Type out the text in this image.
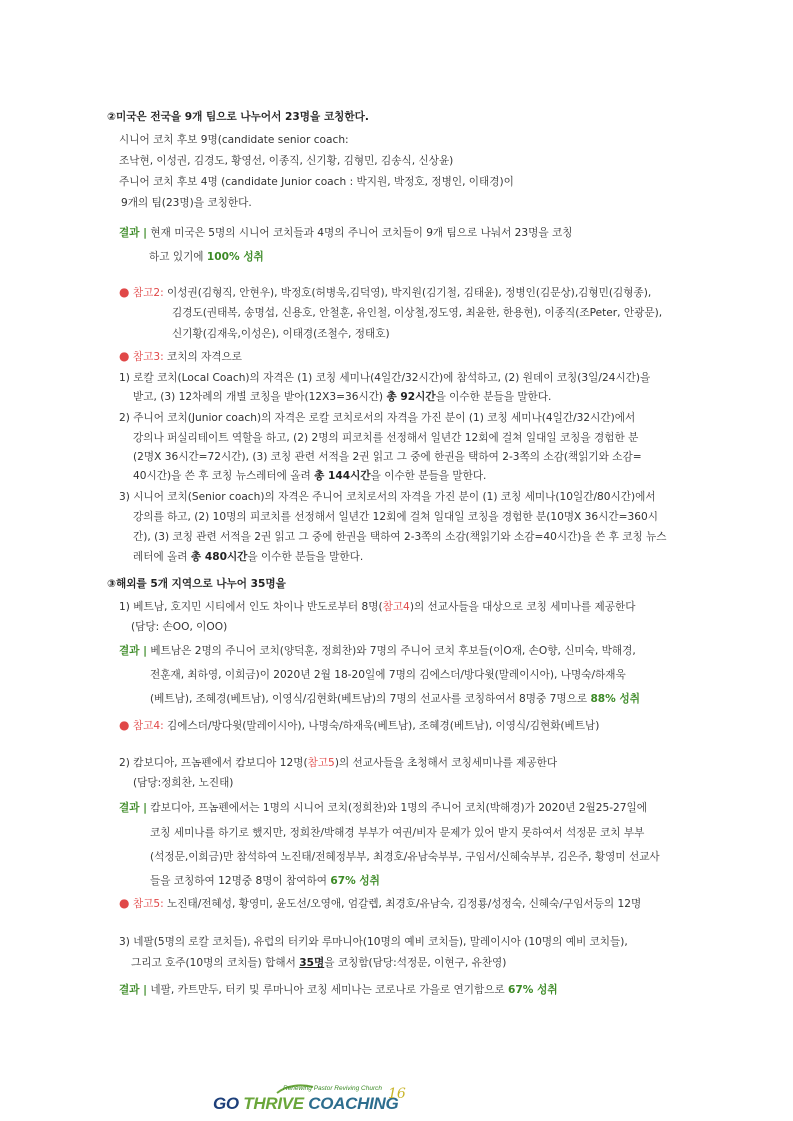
②미국은 전국을 9개 팀으로 나누어서 23명을 코칭한다.
시니어 코치 후보 9명(candidate senior coach:
조낙현, 이성권, 김경도, 황영선, 이종직, 신기황, 김형민, 김송식, 신상윤)
주니어 코치 후보 4명 (candidate Junior coach : 박지원, 박정호, 정병인, 이태경)이
9개의 팀(23명)을 코칭한다.
결과 | 현재 미국은 5명의 시니어 코치들과 4명의 주니어 코치들이 9개 팀으로 나눠서 23명을 코칭
하고 있기에 100% 성취
● 참고2: 이성권(김형직, 안현우), 박정호(허병욱,김덕영), 박지원(김기철, 김태윤), 정병인(김문상),김형민(김형종),
김경도(권태복, 송명섭, 신용호, 안철훈, 유인철, 이상철,정도영, 최윤한, 한용현), 이종직(조Peter, 안광문),
신기황(김재욱,이성은), 이태경(조철수, 정태호)
● 참고3: 코치의 자격으로
1) 로칼 코치(Local Coach)의 자격은 (1) 코칭 세미나(4일간/32시간)에 참석하고, (2) 원데이 코칭(3일/24시간)을
받고, (3) 12차례의 개별 코칭을 받아(12X3=36시간) 총 92시간을 이수한 분들을 말한다.
2) 주니어 코치(Junior coach)의 자격은 로칼 코치로서의 자격을 가진 분이 (1) 코칭 세미나(4일간/32시간)에서
강의나 퍼실리테이트 역할을 하고, (2) 2명의 피코치를 선정해서 일년간 12회에 걸쳐 일대일 코칭을 경험한 분
(2명X 36시간=72시간), (3) 코칭 관련 서적을 2권 읽고 그 중에 한권을 택하여 2-3쪽의 소감(책읽기와 소감=
40시간)을 쓴 후 코칭 뉴스레터에 올려 총 144시간을 이수한 분들을 말한다.
3) 시니어 코치(Senior coach)의 자격은 주니어 코치로서의 자격을 가진 분이 (1) 코칭 세미나(10일간/80시간)에서
강의를 하고, (2) 10명의 피코치를 선정해서 일년간 12회에 걸쳐 일대일 코칭을 경험한 분(10명X 36시간=360시
간), (3) 코칭 관련 서적을 2권 읽고 그 중에 한권을 택하여 2-3쪽의 소감(책읽기와 소감=40시간)을 쓴 후 코칭 뉴스
레터에 올려 총 480시간을 이수한 분들을 말한다.
③해외를 5개 지역으로 나누어 35명을
1) 베트남, 호지민 시티에서 인도 차이나 반도로부터 8명(참고4)의 선교사들을 대상으로 코칭 세미나를 제공한다
(담당: 손OO, 이OO)
결과 | 베트남은 2명의 주니어 코치(양덕훈, 정희찬)와 7명의 주니어 코치 후보들(이O재, 손O향, 신미숙, 박해경,
전훈재, 최하영, 이희금)이 2020년 2월 18-20일에 7명의 김에스더/방다윗(말레이시아), 나명숙/하재욱
(베트남), 조혜경(베트남), 이영식/김현화(베트남)의 7명의 선교사를 코칭하여서 8명중 7명으로 88% 성취
● 참고4: 김에스더/방다윗(말레이시아), 나명숙/하재욱(베트남), 조혜경(베트남), 이영식/김현화(베트남)
2) 캄보디아, 프놈펜에서 캄보디아 12명(참고5)의 선교사들을 초청해서 코칭세미나를 제공한다
(담당:정희찬, 노진태)
결과 | 캄보디아, 프놈펜에서는 1명의 시니어 코치(정희찬)와 1명의 주니어 코치(박해경)가 2020년 2월25-27일에
코칭 세미나를 하기로 했지만, 정희찬/박해경 부부가 여권/비자 문제가 있어 받지 못하여서 석정문 코치 부부
(석정문,이희금)만 참석하여 노진태/전혜정부부, 최경호/유남숙부부, 구임서/신혜숙부부, 김은주, 황영미 선교사
들을 코칭하여 12명중 8명이 참여하여 67% 성취
● 참고5: 노진태/전혜성, 황영미, 윤도선/오영애, 엄갈렙, 최경호/유남숙, 김정룡/성정숙, 신혜숙/구임서등의 12명
3) 네팔(5명의 로칼 코치들), 유럽의 터키와 루마니아(10명의 예비 코치들), 말레이시아 (10명의 예비 코치들),
그리고 호주(10명의 코치들) 합해서 35명을 코칭함(담당:석정문, 이현구, 유찬영)
결과 | 네팔, 카트만두, 터키 및 루마니아 코칭 세미나는 코로나로 가을로 연기함으로 67% 성취
Renewing Pastor Reviving Church
GO THRIVE COACHING
16
